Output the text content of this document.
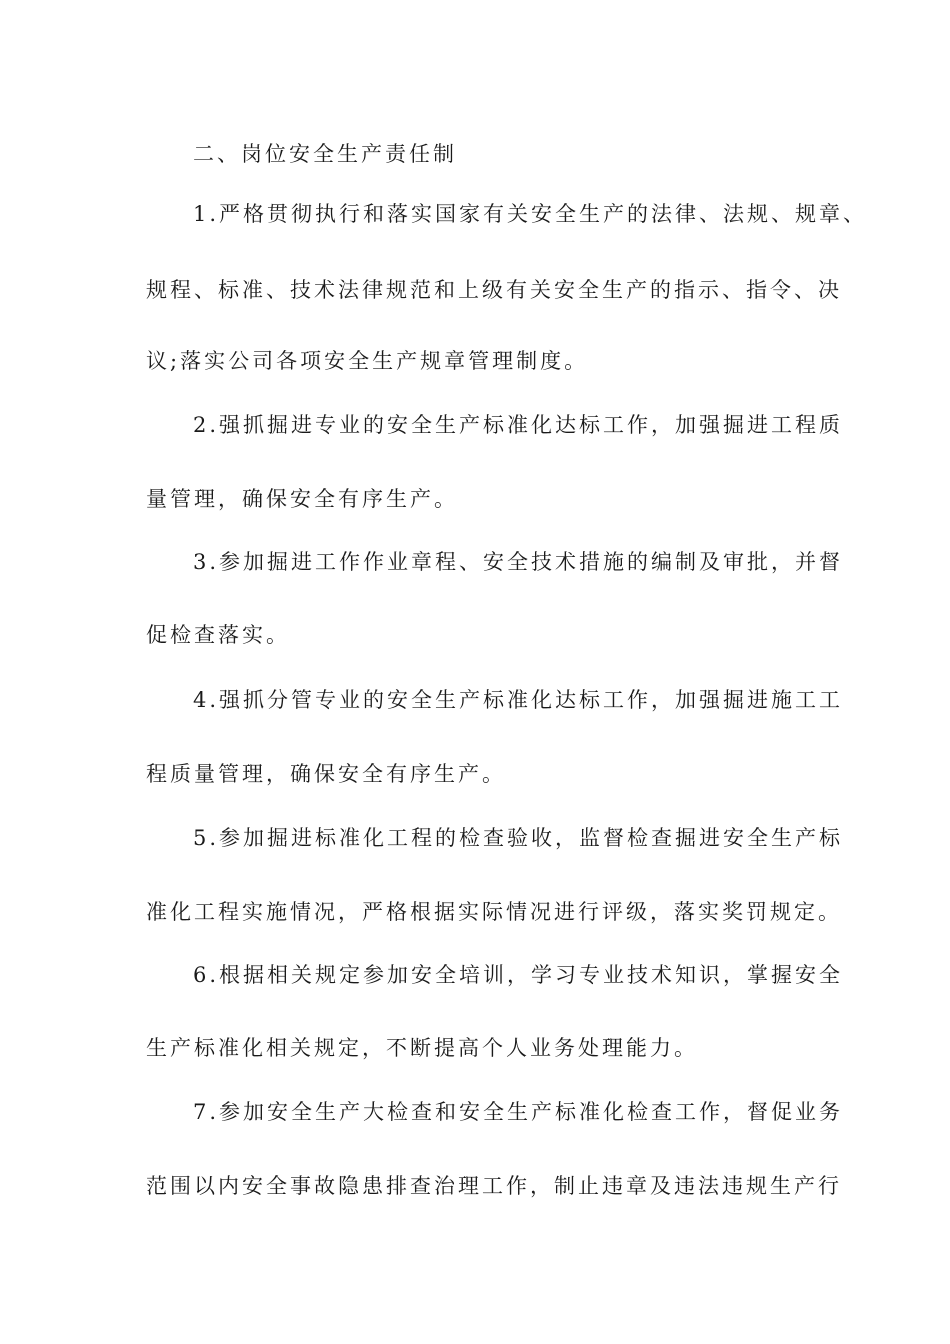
二、岗位安全生产责任制
1.严格贯彻执行和落实国家有关安全生产的法律、法规、规章、
规程、标准、技术法律规范和上级有关安全生产的指示、指令、决
议;落实公司各项安全生产规章管理制度。
2.强抓掘进专业的安全生产标准化达标工作，加强掘进工程质
量管理，确保安全有序生产。
3.参加掘进工作作业章程、安全技术措施的编制及审批，并督
促检查落实。
4.强抓分管专业的安全生产标准化达标工作，加强掘进施工工
程质量管理，确保安全有序生产。
5.参加掘进标准化工程的检查验收，监督检查掘进安全生产标
准化工程实施情况，严格根据实际情况进行评级，落实奖罚规定。
6.根据相关规定参加安全培训，学习专业技术知识，掌握安全
生产标准化相关规定，不断提高个人业务处理能力。
7.参加安全生产大检查和安全生产标准化检查工作，督促业务
范围以内安全事故隐患排查治理工作，制止违章及违法违规生产行
